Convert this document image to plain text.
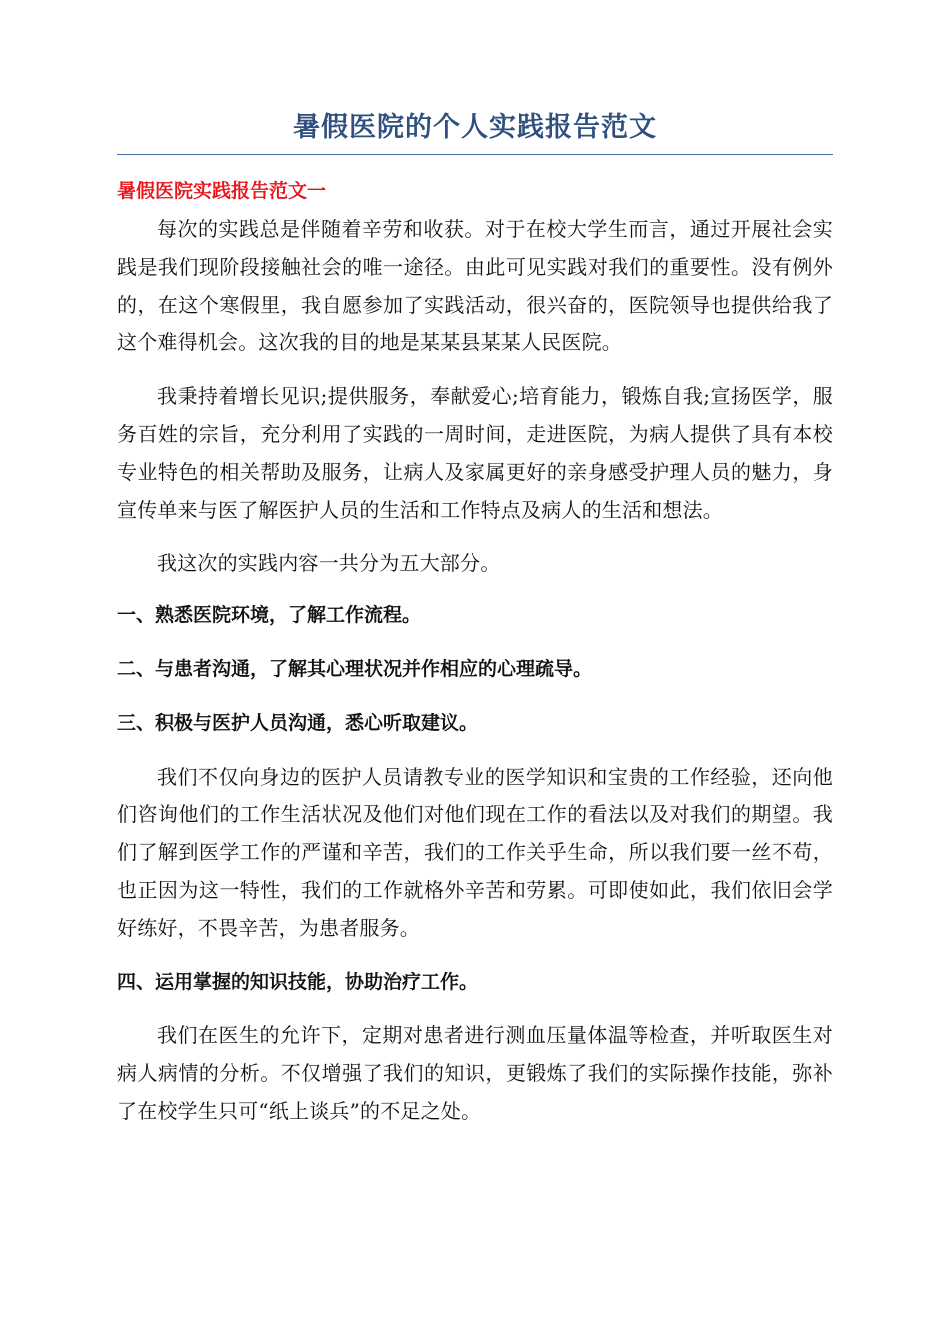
暑假医院的个人实践报告范文
暑假医院实践报告范文一

每次的实践总是伴随着辛劳和收获。对于在校大学生而言，通过开展社会实践是我们现阶段接触社会的唯一途径。由此可见实践对我们的重要性。没有例外的，在这个寒假里，我自愿参加了实践活动，很兴奋的，医院领导也提供给我了这个难得机会。这次我的目的地是某某县某某人民医院。

我秉持着增长见识;提供服务，奉献爱心;培育能力，锻炼自我;宣扬医学，服务百姓的宗旨，充分利用了实践的一周时间，走进医院，为病人提供了具有本校专业特色的相关帮助及服务，让病人及家属更好的亲身感受护理人员的魅力，身宣传单来与医了解医护人员的生活和工作特点及病人的生活和想法。

我这次的实践内容一共分为五大部分。

一、熟悉医院环境，了解工作流程。
二、与患者沟通，了解其心理状况并作相应的心理疏导。
三、积极与医护人员沟通，悉心听取建议。

我们不仅向身边的医护人员请教专业的医学知识和宝贵的工作经验，还向他们咨询他们的工作生活状况及他们对他们现在工作的看法以及对我们的期望。我们了解到医学工作的严谨和辛苦，我们的工作关乎生命，所以我们要一丝不苟，也正因为这一特性，我们的工作就格外辛苦和劳累。可即使如此，我们依旧会学好练好，不畏辛苦，为患者服务。

四、运用掌握的知识技能，协助治疗工作。

我们在医生的允许下，定期对患者进行测血压量体温等检查，并听取医生对病人病情的分析。不仅增强了我们的知识，更锻炼了我们的实际操作技能，弥补了在校学生只可“纸上谈兵”的不足之处。
